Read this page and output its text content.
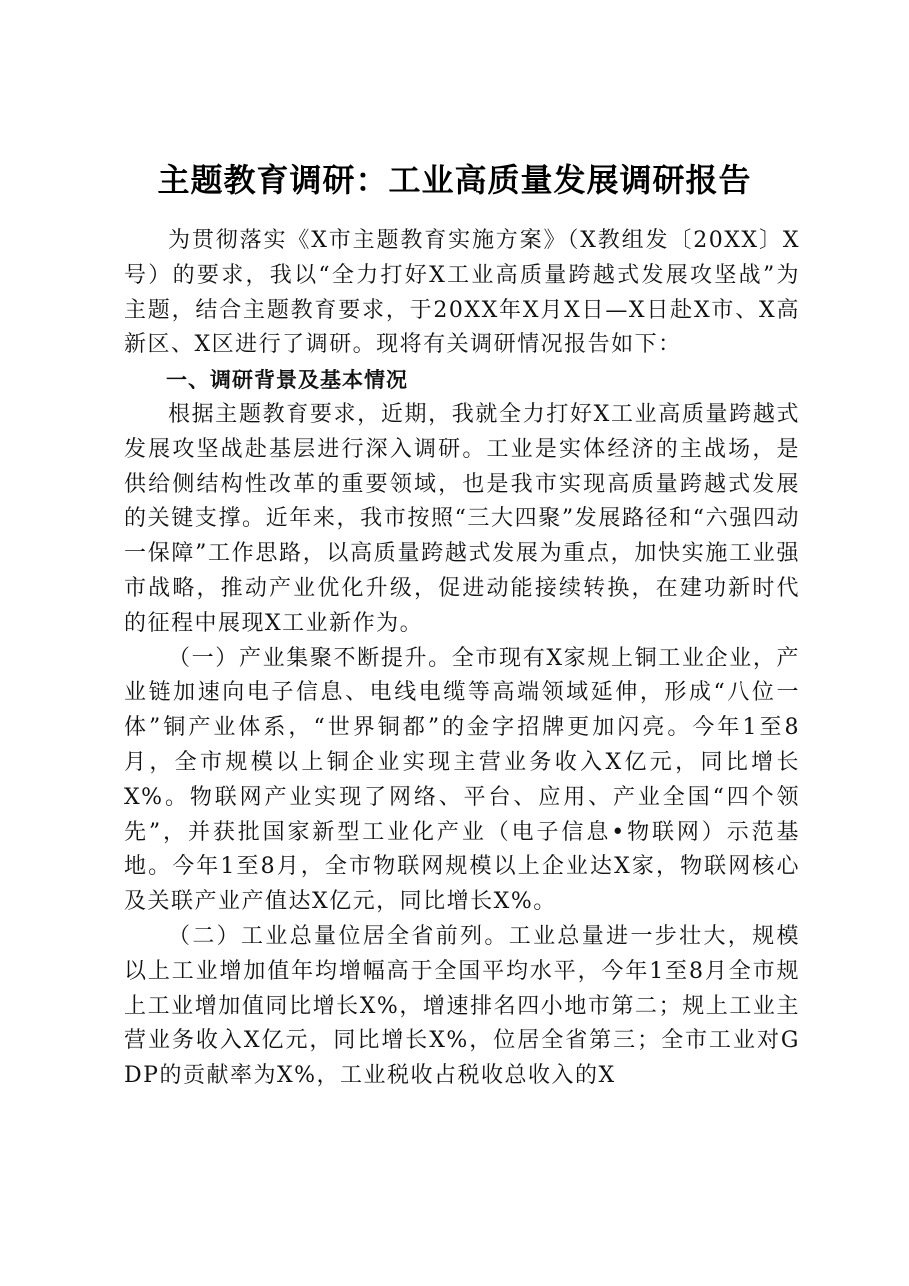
主题教育调研：工业高质量发展调研报告

为贯彻落实《X市主题教育实施方案》（X教组发〔20XX〕X号）的要求，我以“全力打好X工业高质量跨越式发展攻坚战”为主题，结合主题教育要求，于20XX年X月X日—X日赴X市、X高新区、X区进行了调研。现将有关调研情况报告如下：

一、调研背景及基本情况

根据主题教育要求，近期，我就全力打好X工业高质量跨越式发展攻坚战赴基层进行深入调研。工业是实体经济的主战场，是供给侧结构性改革的重要领域，也是我市实现高质量跨越式发展的关键支撑。近年来，我市按照“三大四聚”发展路径和“六强四动一保障”工作思路，以高质量跨越式发展为重点，加快实施工业强市战略，推动产业优化升级，促进动能接续转换，在建功新时代的征程中展现X工业新作为。

（一）产业集聚不断提升。全市现有X家规上铜工业企业，产业链加速向电子信息、电线电缆等高端领域延伸，形成“八位一体”铜产业体系，“世界铜都”的金字招牌更加闪亮。今年1至8月，全市规模以上铜企业实现主营业务收入X亿元，同比增长X%。物联网产业实现了网络、平台、应用、产业全国“四个领先”，并获批国家新型工业化产业（电子信息•物联网）示范基地。今年1至8月，全市物联网规模以上企业达X家，物联网核心及关联产业产值达X亿元，同比增长X%。

（二）工业总量位居全省前列。工业总量进一步壮大，规模以上工业增加值年均增幅高于全国平均水平，今年1至8月全市规上工业增加值同比增长X%，增速排名四小地市第二；规上工业主营业务收入X亿元，同比增长X%，位居全省第三；全市工业对GDP的贡献率为X%，工业税收占税收总收入的X
